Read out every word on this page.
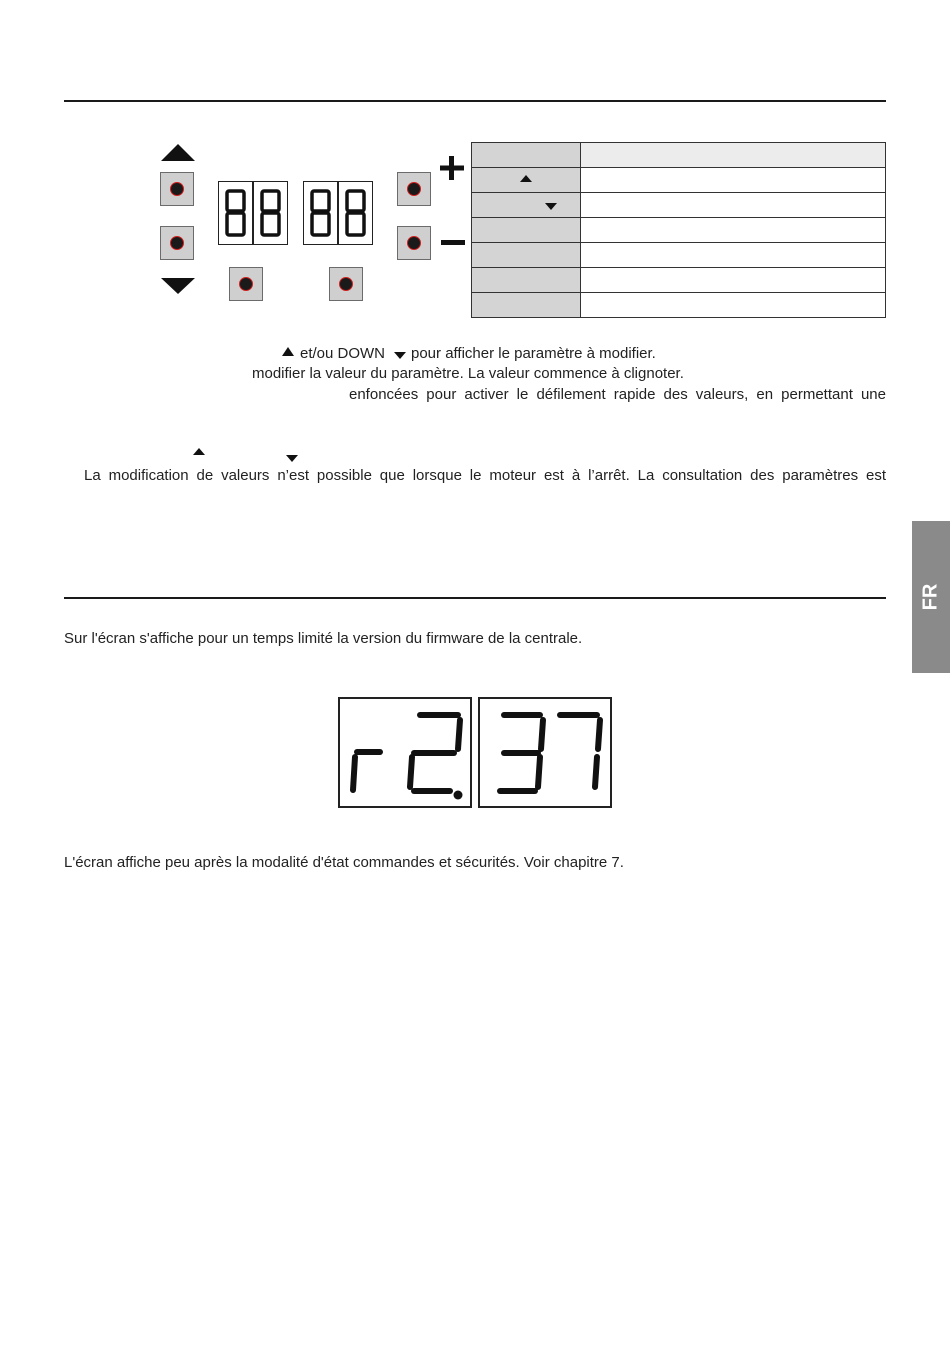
et/ou DOWN pour afficher le paramètre à modifier.
modifier la valeur du paramètre. La valeur commence à clignoter.
enfoncées pour activer le défilement rapide des valeurs, en permettant une
La modification de valeurs n’est possible que lorsque le moteur est à l’arrêt. La consultation des paramètres est
FR
Sur l'écran s'affiche pour un temps limité la version du firmware de la centrale.
L'écran affiche peu après la modalité d'état commandes et sécurités. Voir chapitre 7.
